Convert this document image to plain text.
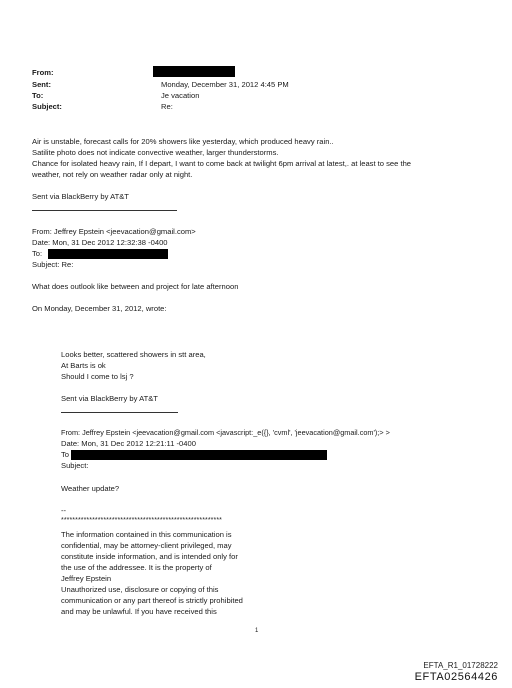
From:
Sent:	Monday, December 31, 2012 4:45 PM
To:	Je vacation
Subject:	Re:
Air is unstable, forecast calls for 20% showers like yesterday, which produced heavy rain..
Satilite photo does not indicate convective weather, larger thunderstorms.
Chance for isolated heavy rain, If I depart, I want to come back at twilight 6pm arrival at latest,. at least to see the
weather, not rely on weather radar only at night.
Sent via BlackBerry by AT&T
From: Jeffrey Epstein <jeevacation@gmail.com>
Date: Mon, 31 Dec 2012 12:32:38 -0400
To:
Subject: Re:
What does outlook like between and project for late afternoon
On Monday, December 31, 2012, wrote:
Looks better, scattered showers in stt area,
At Barts is ok
Should I come to lsj ?
Sent via BlackBerry by AT&T
From: Jeffrey Epstein <jeevacation@gmail.com <javascript:_e({}, 'cvml', 'jeevacation@gmail.com');> >
Date: Mon, 31 Dec 2012 12:21:11 -0400
To
Subject:
Weather update?
--
*********************************************************
The information contained in this communication is
confidential, may be attorney-client privileged, may
constitute inside information, and is intended only for
the use of the addressee. It is the property of
Jeffrey Epstein
Unauthorized use, disclosure or copying of this
communication or any part thereof is strictly prohibited
and may be unlawful. If you have received this
1
EFTA_R1_01728222
EFTA02564426
